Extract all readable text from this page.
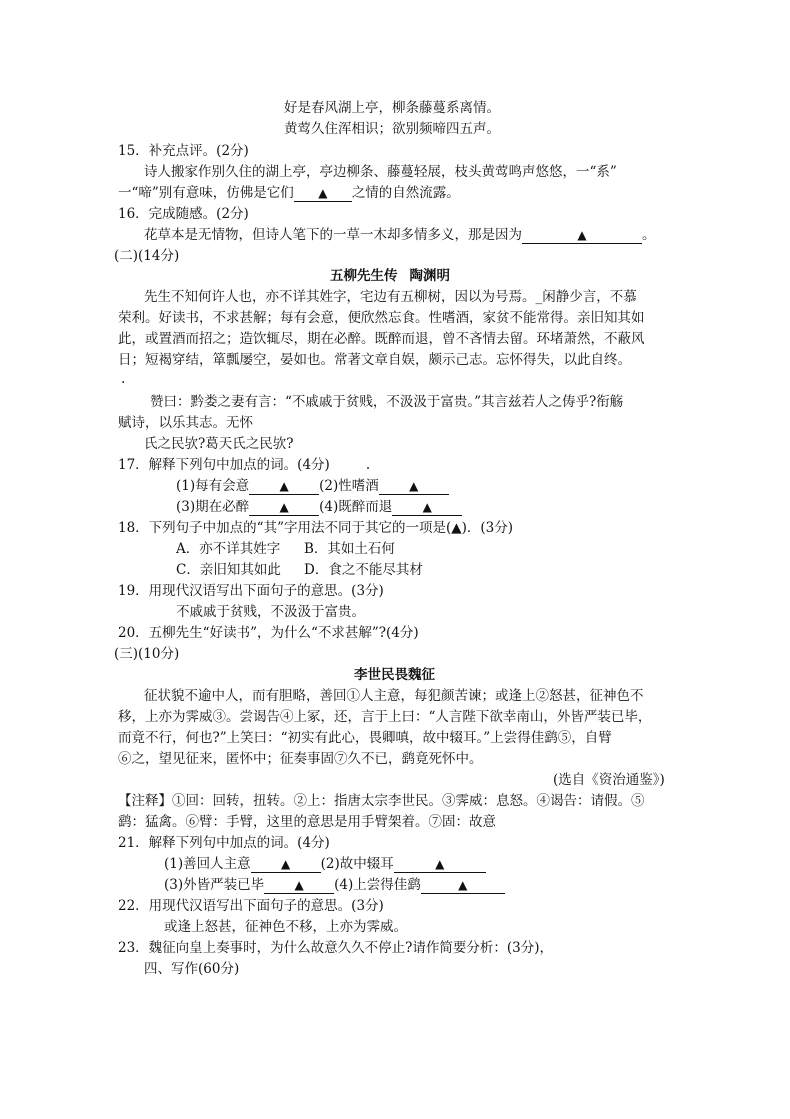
好是春风湖上亭，柳条藤蔓系离情。
黄莺久住浑相识；欲别频啼四五声。
15．补充点评。(2分)
诗人搬家作别久住的湖上亭，亭边柳条、藤蔓轻展，枝头黄莺鸣声悠悠，一“系”
一“啼”别有意味，仿佛是它们 ▲ 之情的自然流露。
16．完成随感。(2分)
花草本是无情物，但诗人笔下的一草一木却多情多义，那是因为	▲	。
(二)(14分)
五柳先生传 陶渊明
先生不知何许人也，亦不详其姓字，宅边有五柳树，因以为号焉。_闲静少言，不慕
荣利。好读书，不求甚解；每有会意，便欣然忘食。性嗜酒，家贫不能常得。亲旧知其如
此，或置酒而招之；造饮辄尽，期在必醉。既醉而退，曾不吝情去留。环堵萧然，不蔽风
日；短褐穿结，箪瓢屡空，晏如也。常著文章自娱，颇示己志。忘怀得失，以此自终。
.
赞曰：黔娄之妻有言：“不戚戚于贫贱，不汲汲于富贵。”其言兹若人之俦乎?衔觞
赋诗，以乐其志。无怀
氏之民欤?葛天氏之民欤?
17．解释下列句中加点的词。(4分)	.
(1)每有会意	▲ (2)性嗜酒	▲
(3)期在必醉	▲ (4)既醉而退	▲
18．下列句子中加点的“其”字用法不同于其它的一项是(▲)．(3分)
A．亦不详其姓字 B．其如土石何
C．亲旧知其如此 D．食之不能尽其材
19．用现代汉语写出下面句子的意思。(3分)
不戚戚于贫贱，不汲汲于富贵。
20．五柳先生“好读书”，为什么“不求甚解”?(4分)
(三)(10分)
李世民畏魏征
征状貌不逾中人，而有胆略，善回①人主意，每犯颜苦谏；或逢上②怒甚，征神色不
移，上亦为霁威③。尝谒告④上冢，还，言于上曰：“人言陛下欲幸南山，外皆严装已毕，
而竟不行，何也?”上笑曰：“初实有此心，畏卿嗔，故中辍耳。”上尝得佳鹞⑤，自臂
⑥之，望见征来，匿怀中；征奏事固⑦久不已，鹞竟死怀中。
(选自《资治通鉴》)
【注释】①回：回转，扭转。②上：指唐太宗李世民。③霁威：息怒。④谒告：请假。⑤
鹞：猛禽。⑥臂：手臂，这里的意思是用手臂架着。⑦固：故意
21．解释下列句中加点的词。(4分)
(1)善回人主意	▲ (2)故中辍耳	▲
(3)外皆严装已毕	▲ (4)上尝得佳鹞	▲
22．用现代汉语写出下面句子的意思。(3分)
或逢上怒甚，征神色不移，上亦为霁威。
23．魏征向皇上奏事时，为什么故意久久不停止?请作简要分析：(3分)，
四、写作(60分)
